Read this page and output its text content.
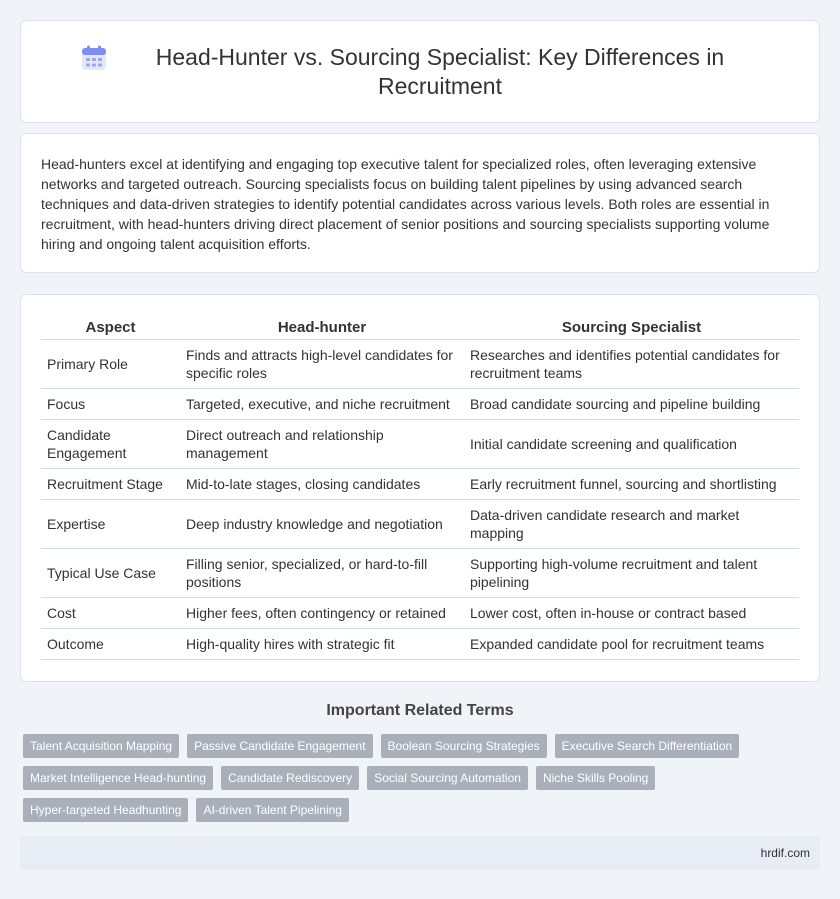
Head-Hunter vs. Sourcing Specialist: Key Differences in Recruitment

Head-hunters excel at identifying and engaging top executive talent for specialized roles, often leveraging extensive networks and targeted outreach. Sourcing specialists focus on building talent pipelines by using advanced search techniques and data-driven strategies to identify potential candidates across various levels. Both roles are essential in recruitment, with head-hunters driving direct placement of senior positions and sourcing specialists supporting volume hiring and ongoing talent acquisition efforts.

Aspect	Head-hunter	Sourcing Specialist
Primary Role	Finds and attracts high-level candidates for specific roles	Researches and identifies potential candidates for recruitment teams
Focus	Targeted, executive, and niche recruitment	Broad candidate sourcing and pipeline building
Candidate Engagement	Direct outreach and relationship management	Initial candidate screening and qualification
Recruitment Stage	Mid-to-late stages, closing candidates	Early recruitment funnel, sourcing and shortlisting
Expertise	Deep industry knowledge and negotiation	Data-driven candidate research and market mapping
Typical Use Case	Filling senior, specialized, or hard-to-fill positions	Supporting high-volume recruitment and talent pipelining
Cost	Higher fees, often contingency or retained	Lower cost, often in-house or contract based
Outcome	High-quality hires with strategic fit	Expanded candidate pool for recruitment teams
Important Related Terms
Talent Acquisition Mapping	Passive Candidate Engagement	Boolean Sourcing Strategies	Executive Search Differentiation
Market Intelligence Head-hunting	Candidate Rediscovery	Social Sourcing Automation	Niche Skills Pooling
Hyper-targeted Headhunting	AI-driven Talent Pipelining
hrdif.com
